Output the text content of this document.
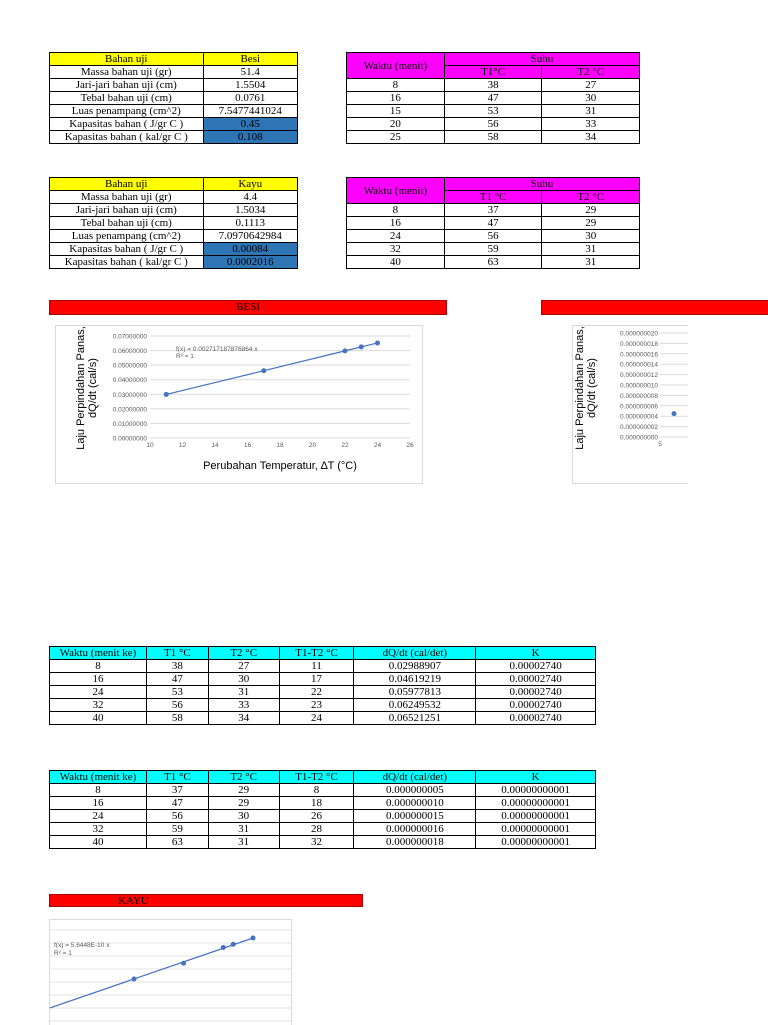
Bahan uji	Besi
Massa bahan uji (gr)	51.4
Jari-jari bahan uji (cm)	1.5504
Tebal bahan uji (cm)	0.0761
Luas penampang (cm^2)	7.5477441024
Kapasitas bahan ( J/gr C )	0.45
Kapasitas bahan ( kal/gr C )	0.108
Waktu (menit)	Suhu	
	T1°C	T2 °C
8	38	27
16	47	30
15	53	31
20	56	33
25	58	34
Bahan uji	Kayu
Massa bahan uji (gr)	4.4
Jari-jari bahan uji (cm)	1.5034
Tebal bahan uji (cm)	0.1113
Luas penampang (cm^2)	7.0970642984
Kapasitas bahan ( J/gr C )	0.00084
Kapasitas bahan ( kal/gr C )	0.0002016
Waktu (menit)	Suhu	
	T1 °C	T2 °C
8	37	29
16	47	29
24	56	30
32	59	31
40	63	31
BESI
0.00000000
0.01000000
0.02000000
0.03000000
0.04000000
0.05000000
0.06000000
0.07000000
10	12	14	16	18	20	22	24	26
f(x) = 0.002717187876864 x
R² = 1
Perubahan Temperatur, ∆T (°C)
Laju Perpindahan Panas, dQ/dt (cal/s)
0.000000000
0.000000002
0.000000004
0.000000006
0.000000008
0.000000010
0.000000012
0.000000014
0.000000016
0.000000018
0.000000020
5
Laju Perpindahan Panas, dQ/dt (cal/s)
Waktu (menit ke)	T1 °C	T2 °C	T1-T2 °C	dQ/dt (cal/det)	K
8	38	27	11	0.02988907	0.00002740
16	47	30	17	0.04619219	0.00002740
24	53	31	22	0.05977813	0.00002740
32	56	33	23	0.06249532	0.00002740
40	58	34	24	0.06521251	0.00002740
Waktu (menit ke)	T1 °C	T2 °C	T1-T2 °C	dQ/dt (cal/det)	K
8	37	29	8	0.000000005	0.00000000001
16	47	29	18	0.000000010	0.00000000001
24	56	30	26	0.000000015	0.00000000001
32	59	31	28	0.000000016	0.00000000001
40	63	31	32	0.000000018	0.00000000001
KAYU
f(x) = 5.6448E-10 x
R² = 1
